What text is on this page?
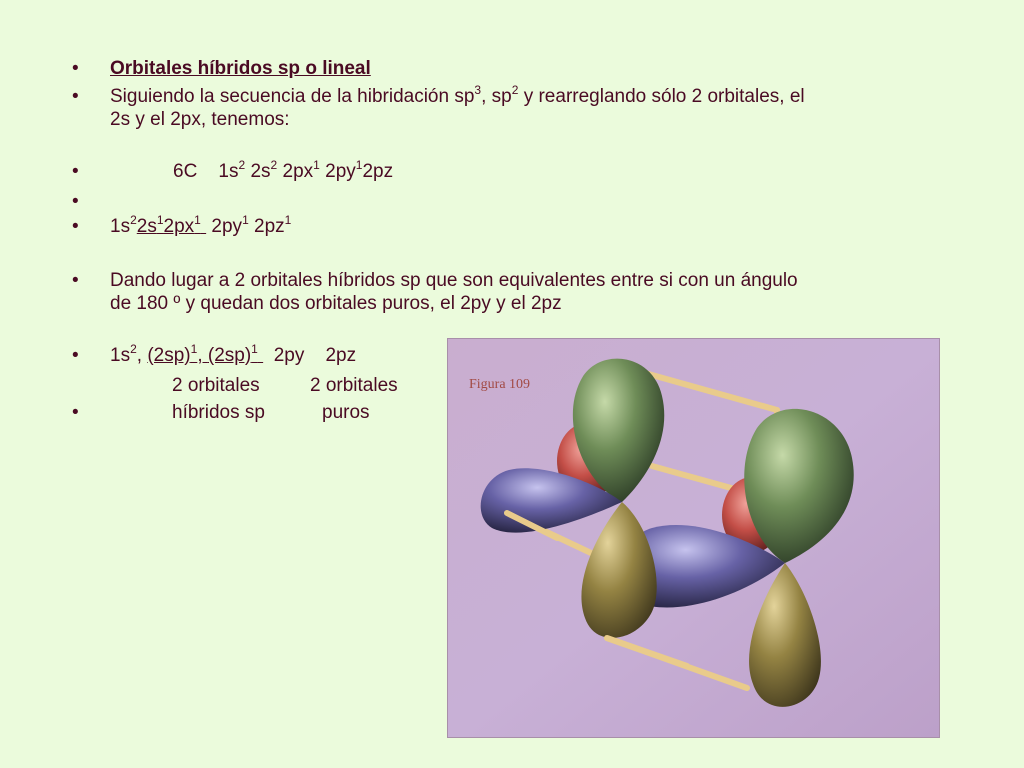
•
•
•
•
•
•
•
•
Orbitales híbridos sp o lineal
Siguiendo la secuencia de la hibridación $sp^3$, $sp^2$ y rearreglando sólo 2 orbitales, el
2s y el 2px, tenemos:
6C $1s^2$ $2s^2$ $2px^1$ $2py^12pz$
$1s^22s^12px^1$ $2py^1$ $2pz^1$
Dando lugar a 2 orbitales híbridos sp que son equivalentes entre si con un ángulo
de 180 º y quedan dos orbitales puros, el 2py y el 2pz
$1s^2$, $(2sp)^1$, $(2sp)^1$ 2py 2pz
2 orbitales	2 orbitales
híbridos sp	puros
Figura 109
